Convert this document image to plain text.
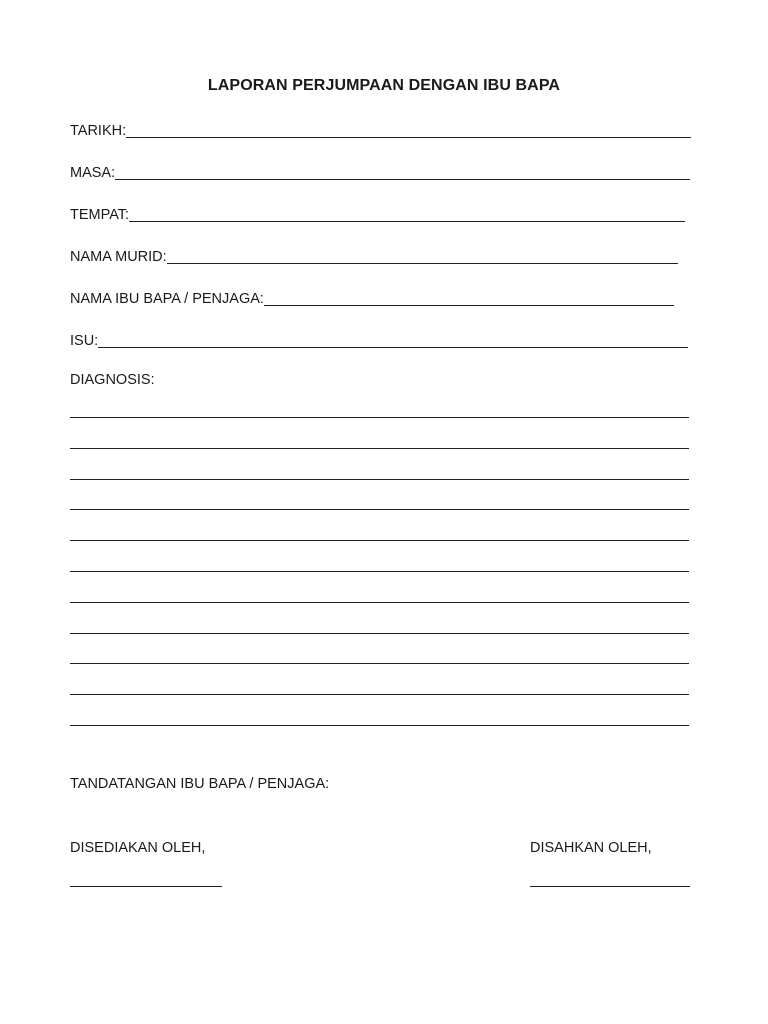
LAPORAN PERJUMPAAN DENGAN IBU BAPA
TARIKH:
MASA:
TEMPAT:
NAMA MURID:
NAMA IBU BAPA / PENJAGA:
ISU:
DIAGNOSIS:
TANDATANGAN IBU BAPA / PENJAGA:
DISEDIAKAN OLEH,	DISAHKAN OLEH,
